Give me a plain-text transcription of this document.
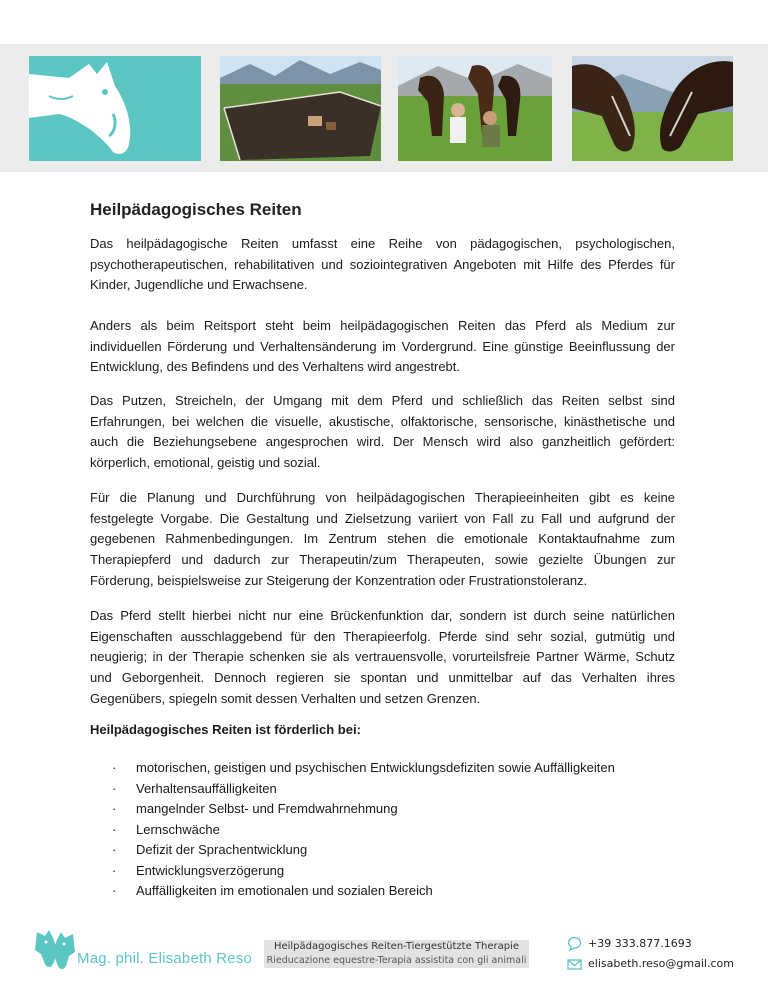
Heilpädagogisches Reiten

Das heilpädagogische Reiten umfasst eine Reihe von pädagogischen, psychologischen, psychotherapeutischen, rehabilitativen und soziointegrativen Angeboten mit Hilfe des Pferdes für Kinder, Jugendliche und Erwachsene.

Anders als beim Reitsport steht beim heilpädagogischen Reiten das Pferd als Medium zur individuellen Förderung und Verhaltensänderung im Vordergrund. Eine günstige Beeinflussung der Entwicklung, des Befindens und des Verhaltens wird angestrebt.

Das Putzen, Streicheln, der Umgang mit dem Pferd und schließlich das Reiten selbst sind Erfahrungen, bei welchen die visuelle, akustische, olfaktorische, sensorische, kinästhetische und auch die Beziehungsebene angesprochen wird. Der Mensch wird also ganzheitlich gefördert: körperlich, emotional, geistig und sozial.

Für die Planung und Durchführung von heilpädagogischen Therapieeinheiten gibt es keine festgelegte Vorgabe. Die Gestaltung und Zielsetzung variiert von Fall zu Fall und aufgrund der gegebenen Rahmenbedingungen. Im Zentrum stehen die emotionale Kontaktaufnahme zum Therapiepferd und dadurch zur Therapeutin/zum Therapeuten, sowie gezielte Übungen zur Förderung, beispielsweise zur Steigerung der Konzentration oder Frustrationstoleranz.

Das Pferd stellt hierbei nicht nur eine Brückenfunktion dar, sondern ist durch seine natürlichen Eigenschaften ausschlaggebend für den Therapieerfolg. Pferde sind sehr sozial, gutmütig und neugierig; in der Therapie schenken sie als vertrauensvolle, vorurteilsfreie Partner Wärme, Schutz und Geborgenheit. Dennoch regieren sie spontan und unmittelbar auf das Verhalten ihres Gegenübers, spiegeln somit dessen Verhalten und setzen Grenzen.

Heilpädagogisches Reiten ist förderlich bei:
· motorischen, geistigen und psychischen Entwicklungsdefiziten sowie Auffälligkeiten
· Verhaltensauffälligkeiten
· mangelnder Selbst- und Fremdwahrnehmung
· Lernschwäche
· Defizit der Sprachentwicklung
· Entwicklungsverzögerung
· Auffälligkeiten im emotionalen und sozialen Bereich
Mag. phil. Elisabeth Reso
Heilpädagogisches Reiten-Tiergestützte Therapie
Rieducazione equestre-Terapia assistita con gli animali
+39 333.877.1693
elisabeth.reso@gmail.com
